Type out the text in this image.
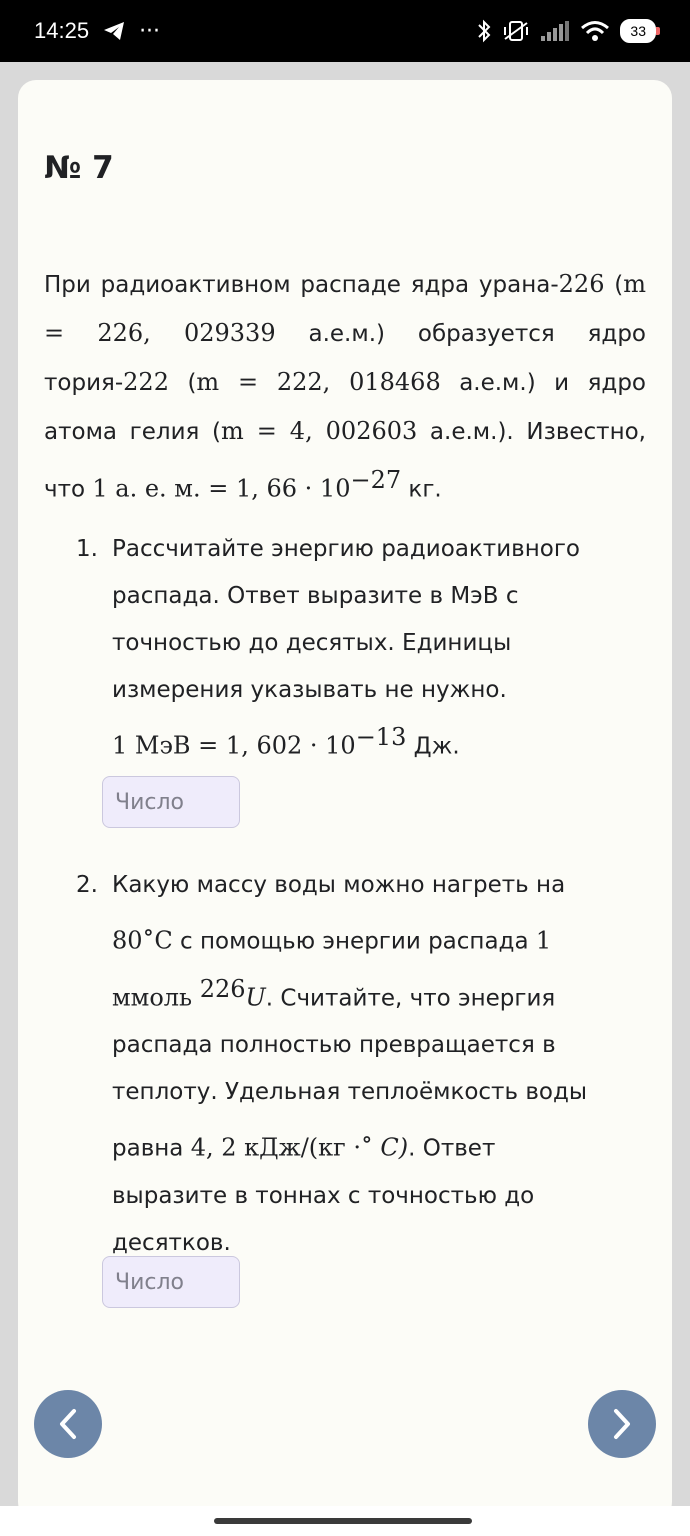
14:25 ···	33
№ 7
При радиоактивном распаде ядра урана-226 (m = 226, 029339 а.е.м.) образуется ядро тория-222 (m = 222, 018468 а.е.м.) и ядро атома гелия (m = 4, 002603 а.е.м.). Известно, что 1 а. е. м. = 1, $66 \cdot 10^{-27}$ кг.
1. Рассчитайте энергию радиоактивного распада. Ответ выразите в МэВ с точностью до десятых. Единицы измерения указывать не нужно.
1 МэВ = 1, $602 \cdot 10^{-13}$ Дж.
Число
2. Какую массу воды можно нагреть на 80∘C с помощью энергии распада 1 ммоль $^{226}$U. Считайте, что энергия распада полностью превращается в теплоту. Удельная теплоёмкость воды равна 4, 2 кДж/(кг ·∘ C). Ответ выразите в тоннах с точностью до десятков.
Число
